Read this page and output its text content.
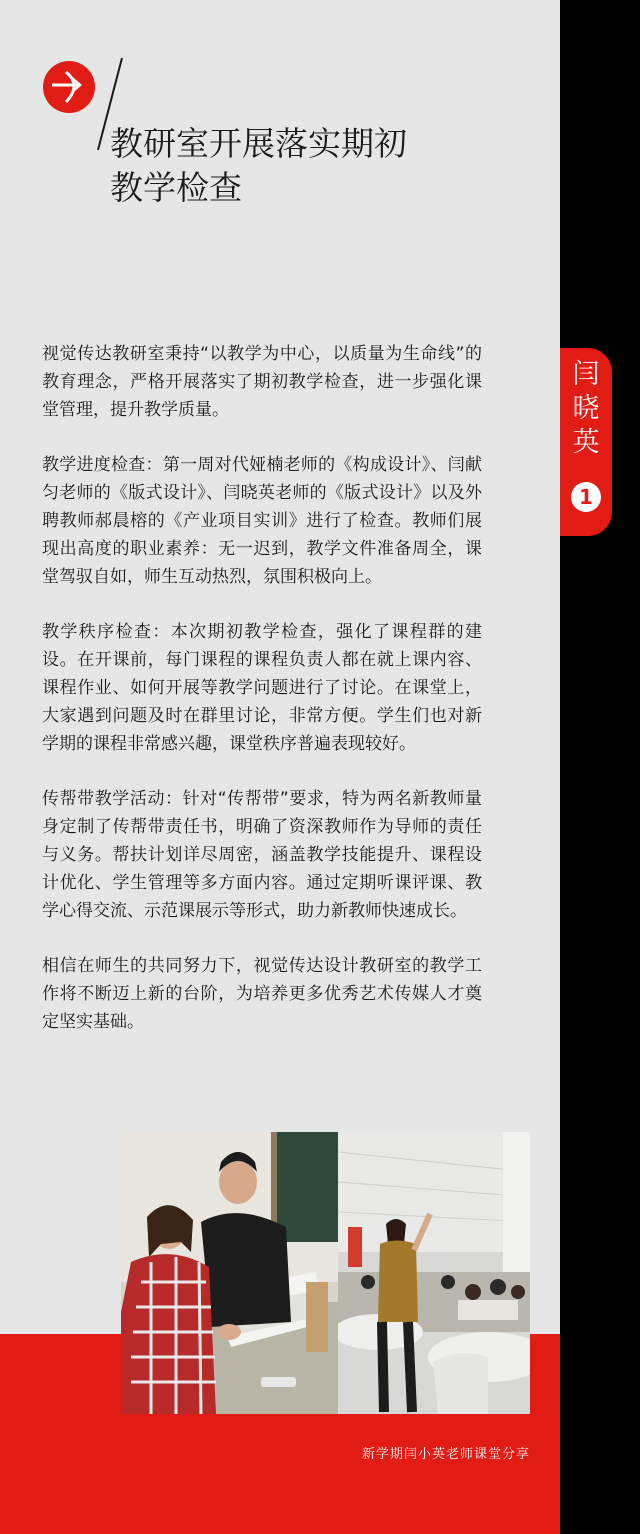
闫
晓
英
1
教研室开展落实期初
教学检查

视觉传达教研室秉持“以教学为中心，以质量为生命线”的教育理念，严格开展落实了期初教学检查，进一步强化课堂管理，提升教学质量。

教学进度检查：第一周对代娅楠老师的《构成设计》、闫献匀老师的《版式设计》、闫晓英老师的《版式设计》以及外聘教师郝晨榕的《产业项目实训》进行了检查。教师们展现出高度的职业素养：无一迟到，教学文件准备周全，课堂驾驭自如，师生互动热烈，氛围积极向上。

教学秩序检查：本次期初教学检查，强化了课程群的建设。在开课前，每门课程的课程负责人都在就上课内容、课程作业、如何开展等教学问题进行了讨论。在课堂上，大家遇到问题及时在群里讨论，非常方便。学生们也对新学期的课程非常感兴趣，课堂秩序普遍表现较好。

传帮带教学活动：针对“传帮带”要求，特为两名新教师量身定制了传帮带责任书，明确了资深教师作为导师的责任与义务。帮扶计划详尽周密，涵盖教学技能提升、课程设计优化、学生管理等多方面内容。通过定期听课评课、教学心得交流、示范课展示等形式，助力新教师快速成长。

相信在师生的共同努力下，视觉传达设计教研室的教学工作将不断迈上新的台阶，为培养更多优秀艺术传媒人才奠定坚实基础。

新学期闫小英老师课堂分享
